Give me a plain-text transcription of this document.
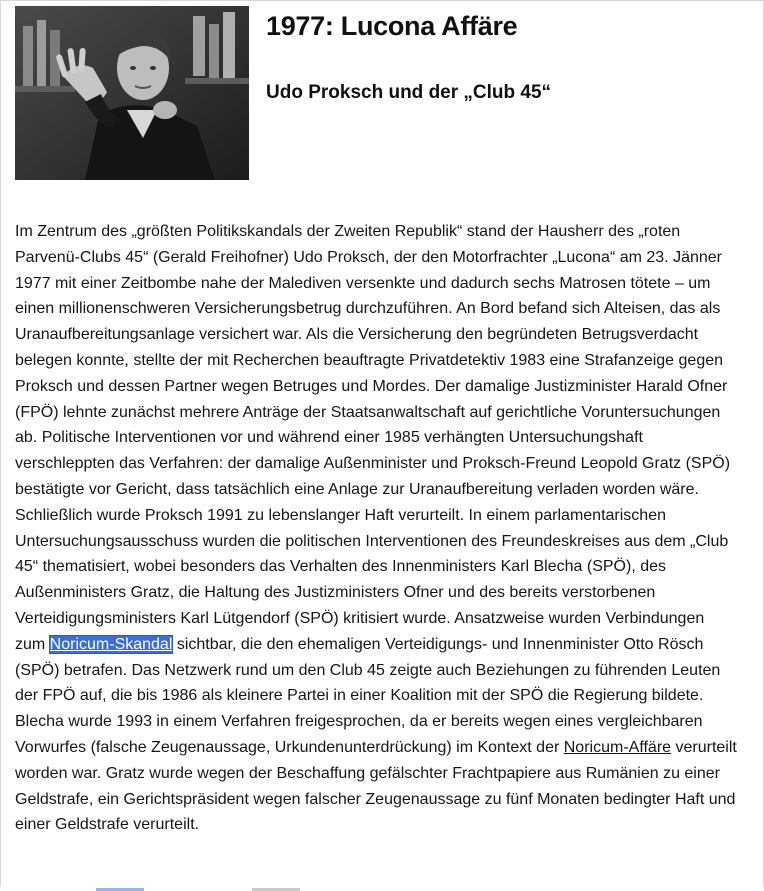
1977: Lucona Affäre
Udo Proksch und der „Club 45“

Im Zentrum des „größten Politikskandals der Zweiten Republik“ stand der Hausherr des „roten Parvenü-Clubs 45“ (Gerald Freihofner) Udo Proksch, der den Motorfrachter „Lucona“ am 23. Jänner 1977 mit einer Zeitbombe nahe der Malediven versenkte und dadurch sechs Matrosen tötete – um einen millionenschweren Versicherungsbetrug durchzuführen. An Bord befand sich Alteisen, das als Uranaufbereitungsanlage versichert war. Als die Versicherung den begründeten Betrugsverdacht belegen konnte, stellte der mit Recherchen beauftragte Privatdetektiv 1983 eine Strafanzeige gegen Proksch und dessen Partner wegen Betruges und Mordes. Der damalige Justizminister Harald Ofner (FPÖ) lehnte zunächst mehrere Anträge der Staatsanwaltschaft auf gerichtliche Voruntersuchungen ab. Politische Interventionen vor und während einer 1985 verhängten Untersuchungshaft verschleppten das Verfahren: der damalige Außenminister und Proksch-Freund Leopold Gratz (SPÖ) bestätigte vor Gericht, dass tatsächlich eine Anlage zur Uranaufbereitung verladen worden wäre. Schließlich wurde Proksch 1991 zu lebenslanger Haft verurteilt. In einem parlamentarischen Untersuchungsausschuss wurden die politischen Interventionen des Freundeskreises aus dem „Club 45“ thematisiert, wobei besonders das Verhalten des Innenministers Karl Blecha (SPÖ), des Außenministers Gratz, die Haltung des Justizministers Ofner und des bereits verstorbenen Verteidigungsministers Karl Lütgendorf (SPÖ) kritisiert wurde. Ansatzweise wurden Verbindungen zum Noricum-Skandal sichtbar, die den ehemaligen Verteidigungs- und Innenminister Otto Rösch (SPÖ) betrafen. Das Netzwerk rund um den Club 45 zeigte auch Beziehungen zu führenden Leuten der FPÖ auf, die bis 1986 als kleinere Partei in einer Koalition mit der SPÖ die Regierung bildete. Blecha wurde 1993 in einem Verfahren freigesprochen, da er bereits wegen eines vergleichbaren Vorwurfes (falsche Zeugenaussage, Urkundenunterdrückung) im Kontext der Noricum-Affäre verurteilt worden war. Gratz wurde wegen der Beschaffung gefälschter Frachtpapiere aus Rumänien zu einer Geldstrafe, ein Gerichtspräsident wegen falscher Zeugenaussage zu fünf Monaten bedingter Haft und einer Geldstrafe verurteilt.
